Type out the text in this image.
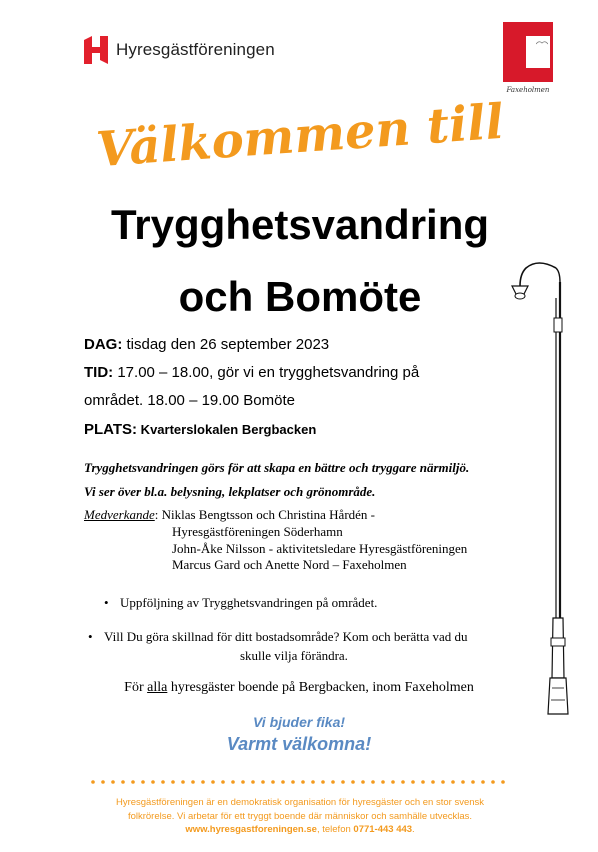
Hyresgästföreningen
Faxeholmen
Välkommen till
Trygghetsvandring
och Bomöte
DAG: tisdag den 26 september 2023
TID: 17.00 – 18.00, gör vi en trygghetsvandring på
området. 18.00 – 19.00 Bomöte
PLATS: Kvarterslokalen Bergbacken
Trygghetsvandringen görs för att skapa en bättre och tryggare närmiljö.
Vi ser över bl.a. belysning, lekplatser och grönområde.
Medverkande: Niklas Bengtsson och Christina Hårdén -
Hyresgästföreningen Söderhamn
John-Åke Nilsson - aktivitetsledare Hyresgästföreningen
Marcus Gard och Anette Nord – Faxeholmen
• Uppföljning av Trygghetsvandringen på området.
• Vill Du göra skillnad för ditt bostadsområde? Kom och berätta vad du
skulle vilja förändra.
För alla hyresgäster boende på Bergbacken, inom Faxeholmen
Vi bjuder fika!
Varmt välkomna!
Hyresgästföreningen är en demokratisk organisation för hyresgäster och en stor svensk
folkrörelse. Vi arbetar för ett tryggt boende där människor och samhälle utvecklas.
www.hyresgastforeningen.se, telefon 0771-443 443.
